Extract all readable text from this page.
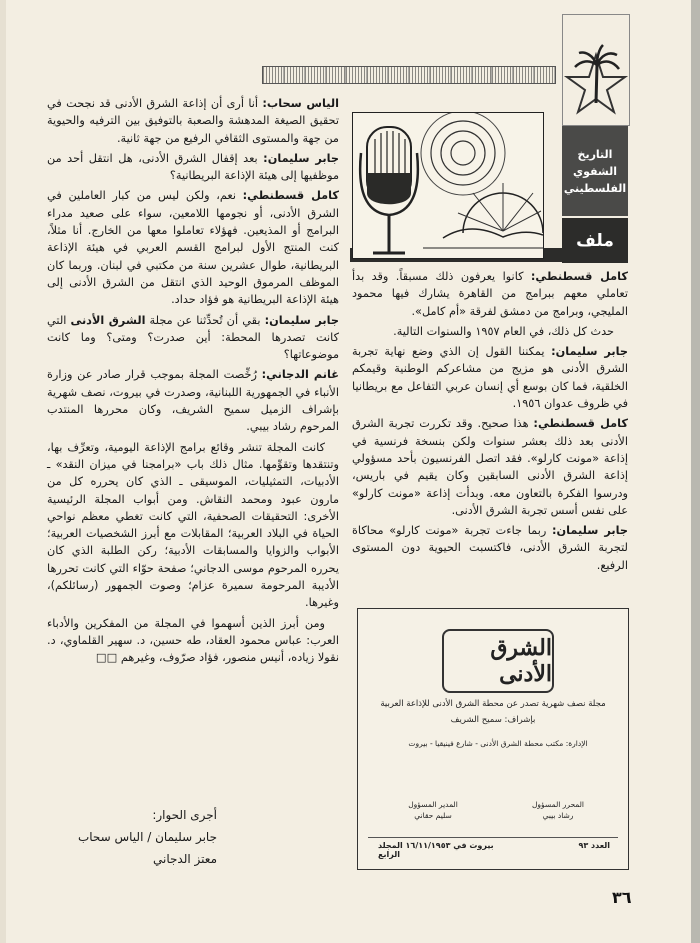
التاريخ
الشفوي
الفلسطيني
ملف

كامل قسطنطي: كانوا يعرفون ذلك مسبقاً. وقد بدأ تعاملي معهم ببرامج من القاهرة يشارك فيها محمود المليجي، وبرامج من دمشق لفرقة «أم كامل».

حدث كل ذلك، في العام ١٩٥٧ والسنوات التالية.

جابر سليمان: يمكننا القول إن الذي وضع نهاية تجربة الشرق الأدنى هو مزيج من مشاعركم الوطنية وقيمكم الخلقية، فما كان بوسع أي إنسان عربي التفاعل مع بريطانيا في ظروف عدوان ١٩٥٦.

كامل قسطنطي: هذا صحيح. وقد تكررت تجربة الشرق الأدنى بعد ذلك بعشر سنوات ولكن بنسخة فرنسية في إذاعة «مونت كارلو». فقد اتصل الفرنسيون بأحد مسؤولي إذاعة الشرق الأدنى السابقين وكان يقيم في باريس، ودرسوا الفكرة بالتعاون معه. وبدأت إذاعة «مونت كارلو» على نفس أسس تجربة الشرق الأدنى.

جابر سليمان: ربما جاءت تجربة «مونت كارلو» محاكاة لتجربة الشرق الأدنى، فاكتسبت الحيوية دون المستوى الرفيع.

الشرق الأدنى
مجلة نصف شهرية تصدر عن محطة الشرق الأدنى للإذاعة العربية
بإشراف: سميح الشريف
الإدارة: مكتب محطة الشرق الأدنى - شارع فينيقيا - بيروت
المحرر المسؤول
رشاد بيبي
المدير المسؤول
سليم حقاني
العدد ٩٣
بيروت في ١٦/١١/١٩٥٣ المجلد الرابع

الياس سحاب: أنا أرى أن إذاعة الشرق الأدنى قد نجحت في تحقيق الصيغة المدهشة والصعبة بالتوفيق بين الترفيه والحيوية من جهة والمستوى الثقافي الرفيع من جهة ثانية.

جابر سليمان: بعد إقفال الشرق الأدنى، هل انتقل أحد من موظفيها إلى هيئة الإذاعة البريطانية؟

كامل قسطنطي: نعم، ولكن ليس من كبار العاملين في الشرق الأدنى، أو نجومها اللامعين، سواء على صعيد مدراء البرامج أو المذيعين. فهؤلاء تعاملوا معها من الخارج. أنا مثلاً، كنت المنتج الأول لبرامج القسم العربي في هيئة الإذاعة البريطانية، طوال عشرين سنة من مكتبي في لبنان. وربما كان الموظف المرموق الوحيد الذي انتقل من الشرق الأدنى إلى هيئة الإذاعة البريطانية هو فؤاد حداد.

جابر سليمان: بقي أن تُحدِّثنا عن مجلة الشرق الأدنى التي كانت تصدرها المحطة: أين صدرت؟ ومتى؟ وما كانت موضوعاتها؟

غانم الدجاني: رُخِّصت المجلة بموجب قرار صادر عن وزارة الأنباء في الجمهورية اللبنانية، وصدرت في بيروت، نصف شهرية بإشراف الزميل سميح الشريف، وكان محررها المنتدب المرحوم رشاد بيبي.

كانت المجلة تنشر وقائع برامج الإذاعة اليومية، وتعرِّف بها، وتنتقدها وتقوِّمها. مثال ذلك باب «برامجنا في ميزان النقد» ـ الأدبيات، التمثيليات، الموسيقى ـ الذي كان يحرره كل من مارون عبود ومحمد النقاش. ومن أبواب المجلة الرئيسية الأخرى: التحقيقات الصحفية، التي كانت تغطي معظم نواحي الحياة في البلاد العربية؛ المقابلات مع أبرز الشخصيات العربية؛ الأبواب والزوايا والمسابقات الأدبية؛ ركن الطلبة الذي كان يحرره المرحوم موسى الدجاني؛ صفحة حوّاء التي كانت تحررها الأديبة المرحومة سميرة عزام؛ وصوت الجمهور (رسائلكم)، وغيرها.

ومن أبرز الذين أسهموا في المجلة من المفكرين والأدباء العرب: عباس محمود العقاد، طه حسين، د. سهير القلماوي، د. نقولا زياده، أنيس منصور، فؤاد صرّوف، وغيرهم □□

أجرى الحوار:
جابر سليمان / الياس سحاب
معتز الدجاني
٣٦
